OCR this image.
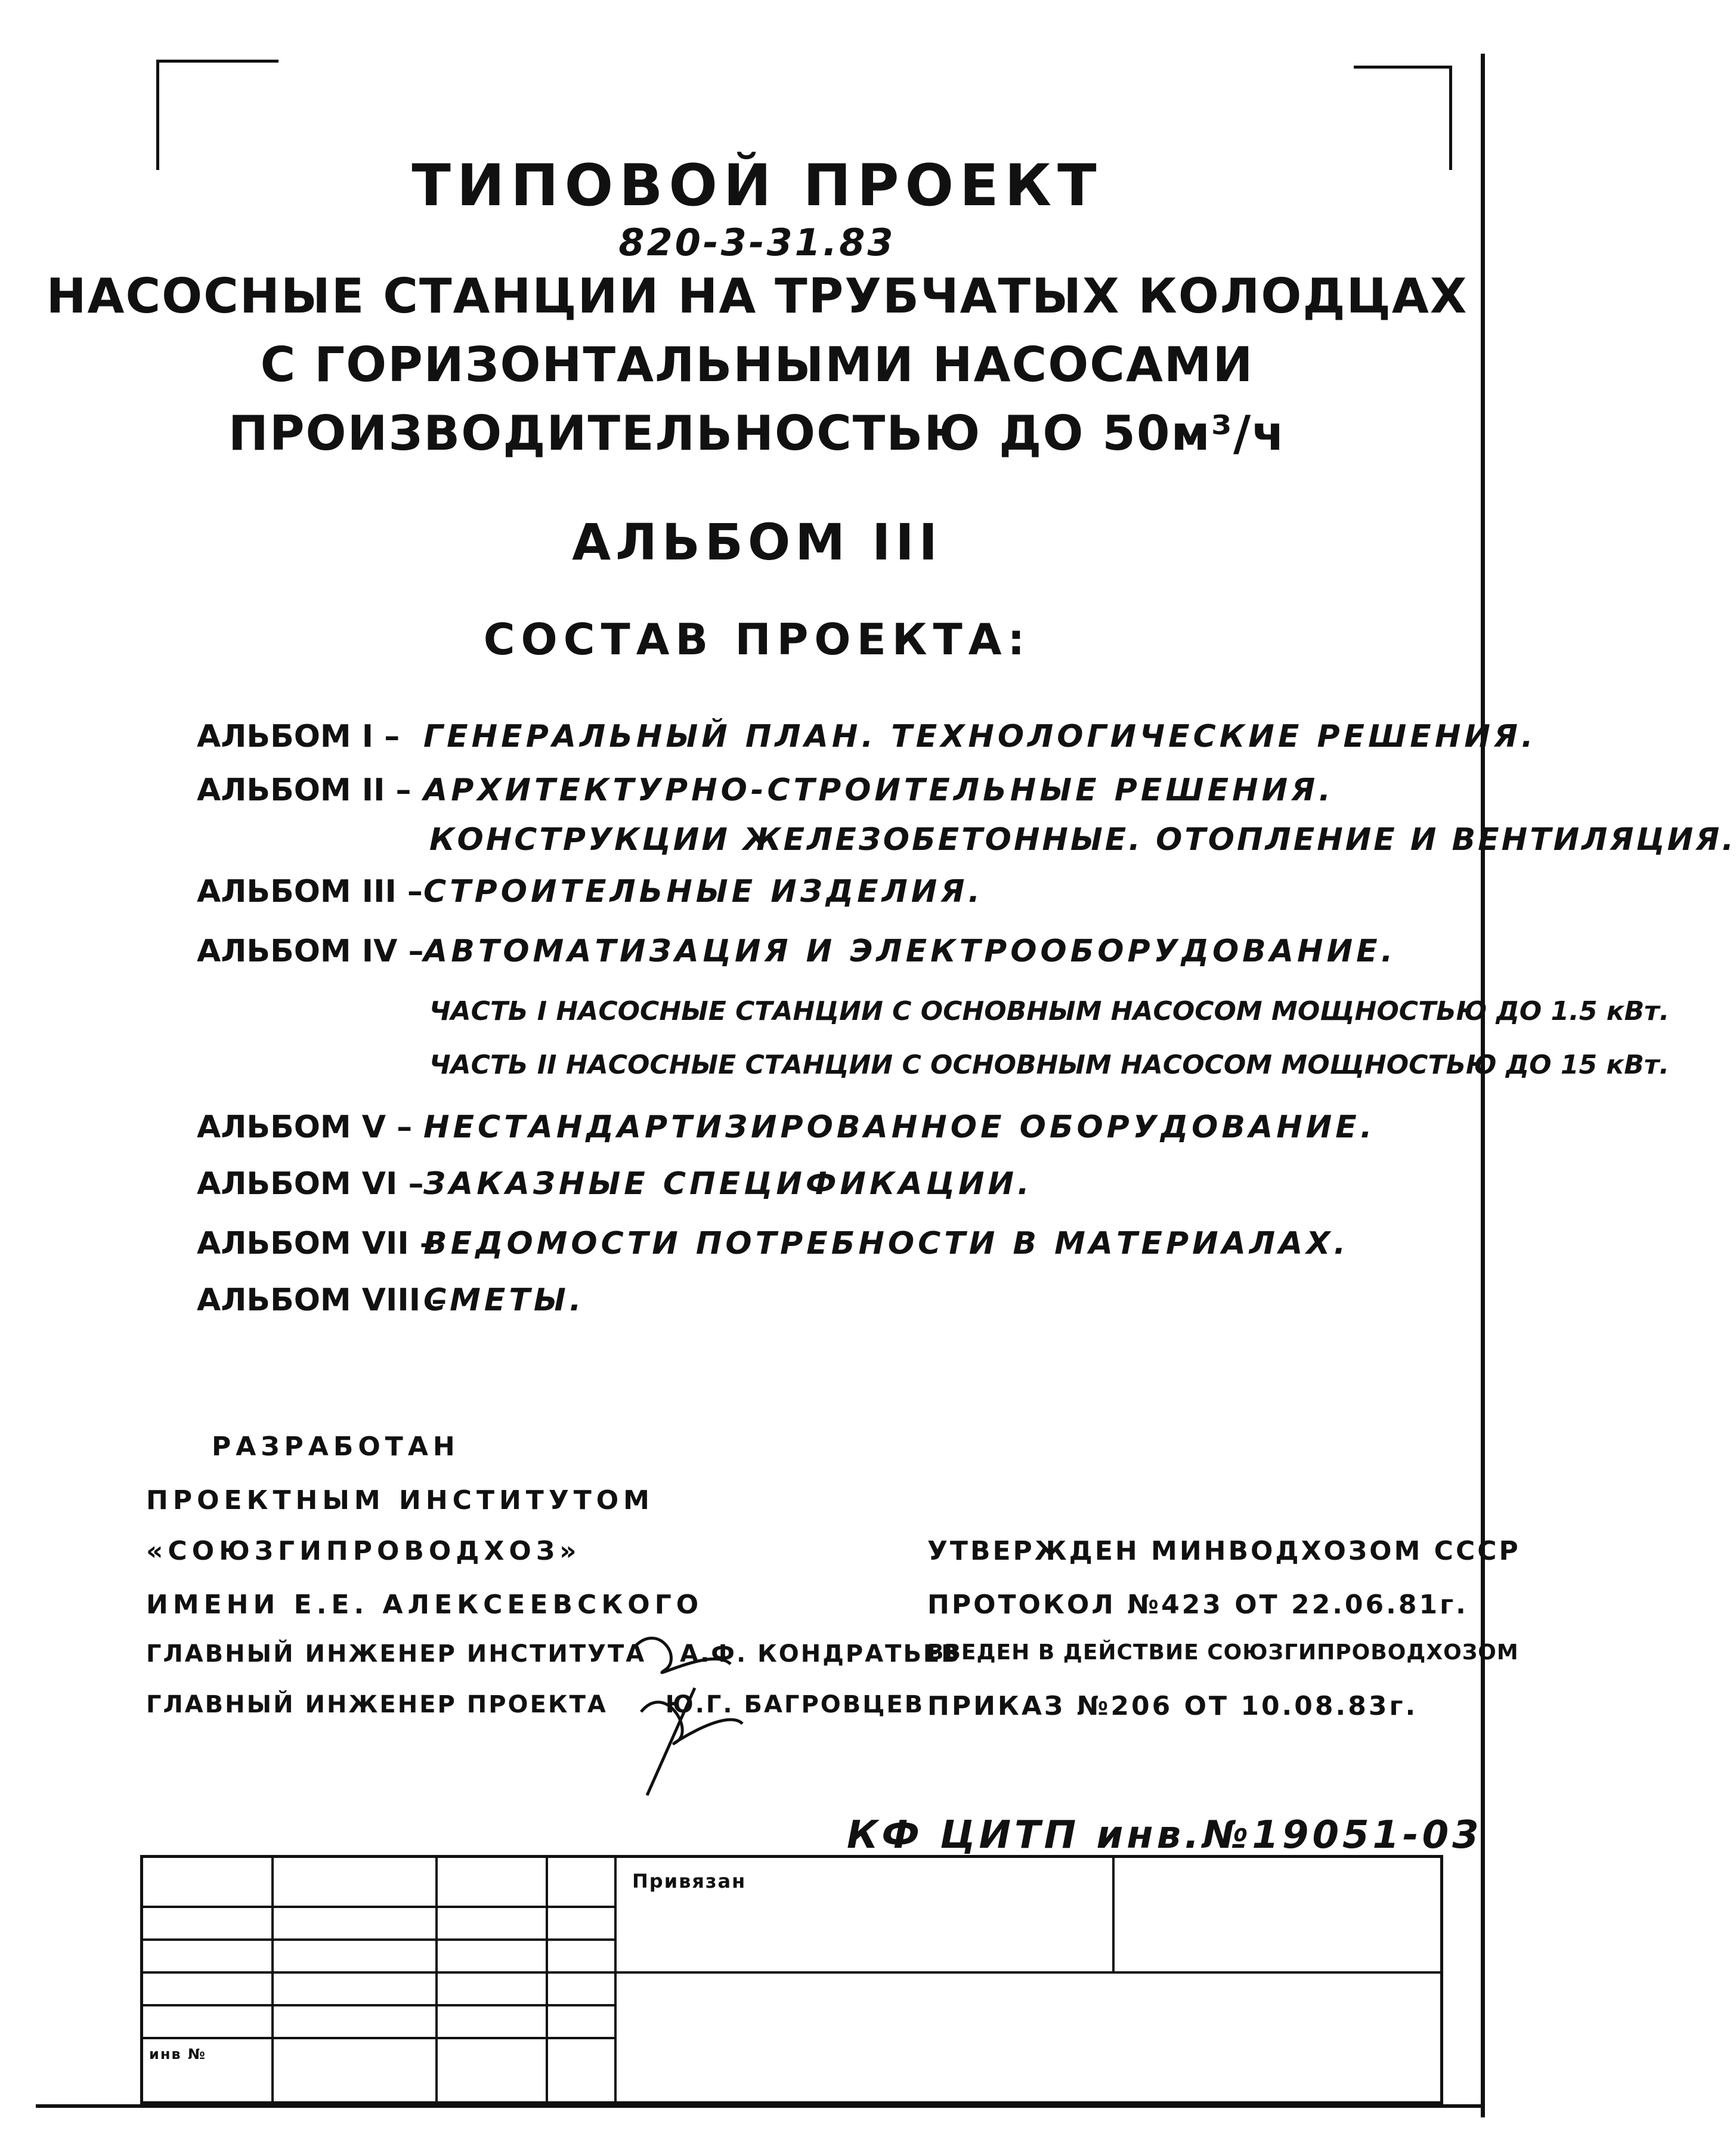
ТИПОВОЙ ПРОЕКТ
820-3-31.83
НАСОСНЫЕ СТАНЦИИ НА ТРУБЧАТЫХ КОЛОДЦАХ
С ГОРИЗОНТАЛЬНЫМИ НАСОСАМИ
ПРОИЗВОДИТЕЛЬНОСТЬЮ ДО 50м³/ч
АЛЬБОМ III
СОСТАВ ПРОЕКТА:
АЛЬБОМ I – ГЕНЕРАЛЬНЫЙ ПЛАН. ТЕХНОЛОГИЧЕСКИЕ РЕШЕНИЯ.
АЛЬБОМ II – АРХИТЕКТУРНО-СТРОИТЕЛЬНЫЕ РЕШЕНИЯ.
КОНСТРУКЦИИ ЖЕЛЕЗОБЕТОННЫЕ. ОТОПЛЕНИЕ И ВЕНТИЛЯЦИЯ.
АЛЬБОМ III – СТРОИТЕЛЬНЫЕ ИЗДЕЛИЯ.
АЛЬБОМ IV – АВТОМАТИЗАЦИЯ И ЭЛЕКТРООБОРУДОВАНИЕ.
ЧАСТЬ I НАСОСНЫЕ СТАНЦИИ С ОСНОВНЫМ НАСОСОМ МОЩНОСТЬЮ ДО 1.5 кВт.
ЧАСТЬ II НАСОСНЫЕ СТАНЦИИ С ОСНОВНЫМ НАСОСОМ МОЩНОСТЬЮ ДО 15 кВт.
АЛЬБОМ V – НЕСТАНДАРТИЗИРОВАННОЕ ОБОРУДОВАНИЕ.
АЛЬБОМ VI – ЗАКАЗНЫЕ СПЕЦИФИКАЦИИ.
АЛЬБОМ VII –
ВЕДОМОСТИ ПОТРЕБНОСТИ В МАТЕРИАЛАХ.
АЛЬБОМ VIII –
СМЕТЫ.
РАЗРАБОТАН
ПРОЕКТНЫМ ИНСТИТУТОМ
«СОЮЗГИПРОВОДХОЗ»
ИМЕНИ Е.Е. АЛЕКСЕЕВСКОГО
ГЛАВНЫЙ ИНЖЕНЕР ИНСТИТУТА А.Ф. КОНДРАТЬЕВ
ГЛАВНЫЙ ИНЖЕНЕР ПРОЕКТА Ю.Г. БАГРОВЦЕВ
УТВЕРЖДЕН МИНВОДХОЗОМ СССР
ПРОТОКОЛ №423 ОТ 22.06.81г.
ВВЕДЕН В ДЕЙСТВИЕ СОЮЗГИПРОВОДХОЗОМ
ПРИКАЗ №206 ОТ 10.08.83г.
КФ ЦИТП инв.№19051-03
Привязан
инв №
